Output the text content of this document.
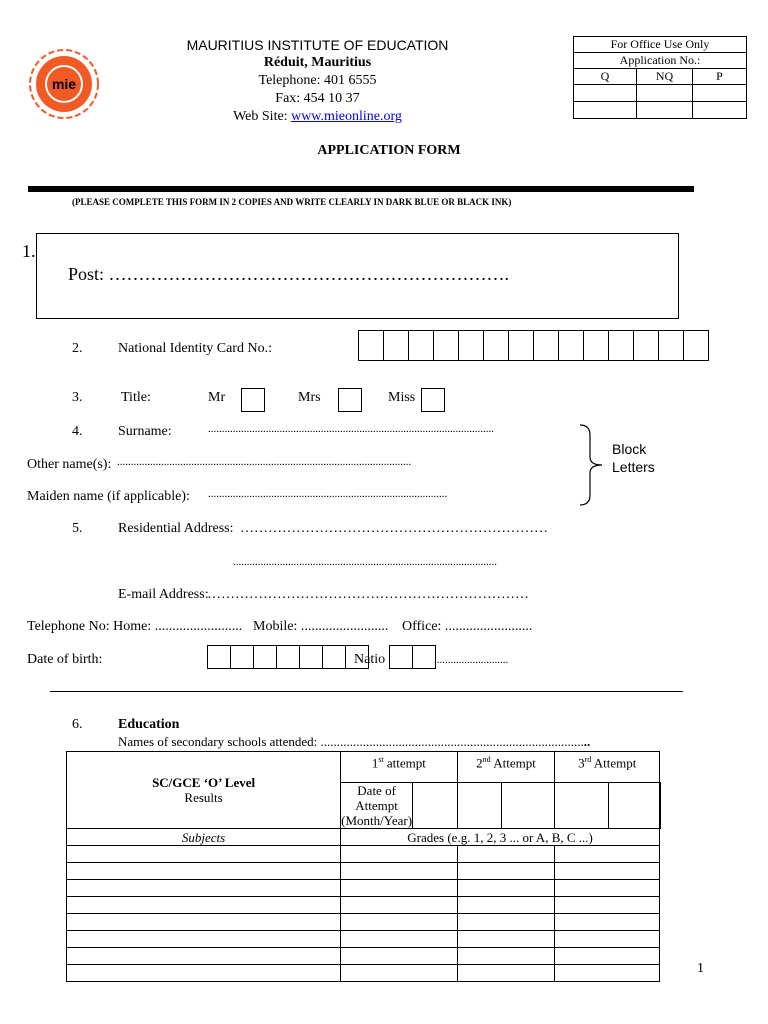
mie
MAURITIUS INSTITUTE OF EDUCATION
Réduit, Mauritius
Telephone: 401 6555
Fax: 454 10 37
Web Site: www.mieonline.org
For Office Use Only		
Application No.:		
Q	NQ	P

APPLICATION FORM
(PLEASE COMPLETE THIS FORM IN 2 COPIES AND WRITE CLEARLY IN DARK BLUE OR BLACK INK)
1.
Post: ………………………………………………………….
2.	National Identity Card No.:
3.	Title:	Mr	Mrs	Miss
4.	Surname:	........................................................................................................
Other name(s): ...........................................................................................................
Maiden name (if applicable): .......................................................................................
Block
Letters
5.	Residential Address: …………………………………………………………
................................................................................................
E-mail Address:
……………………………………………………………
Telephone No: Home: ......................... Mobile: ......................... Office: .........................
Date of birth:	Natio	...........................
6.	Education
Names of secondary schools attended: ...................................................................................
SC/GCE ‘O’ Level
Results	1st attempt		2nd Attempt		3rd Attempt		
	Date of Attempt (Month/Year)						
Subjects	Grades (e.g. 1, 2, 3 ... or A, B, C ...)						

1
